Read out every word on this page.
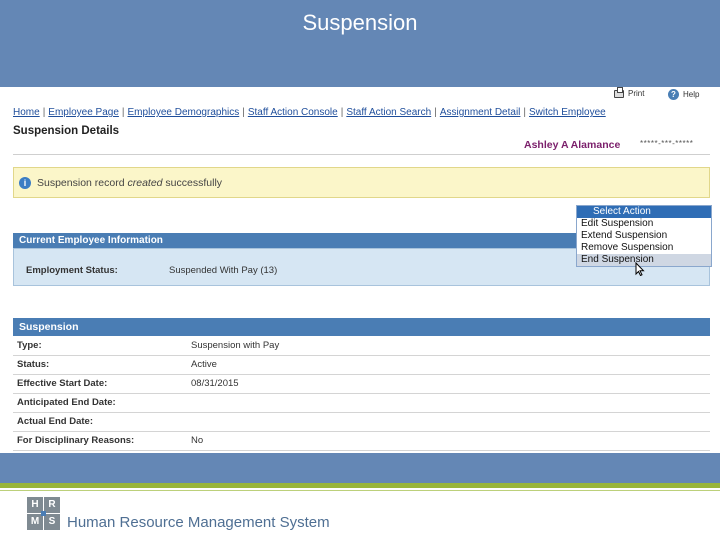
Suspension
Print	? Help
Home | Employee Page | Employee Demographics | Staff Action Console | Staff Action Search | Assignment Detail | Switch Employee
Suspension Details
Ashley A Alamance *****-***-*****
i	Suspension record created successfully
Select Action
Edit Suspension
Extend Suspension
Remove Suspension
End Suspension
Current Employee Information
Employment Status:	Suspended With Pay (13)
Suspension
Type:	Suspension with Pay
Status:	Active
Effective Start Date:	08/31/2015
Anticipated End Date:	
Actual End Date:	
For Disciplinary Reasons:	No
H R
M S Human Resource Management System
